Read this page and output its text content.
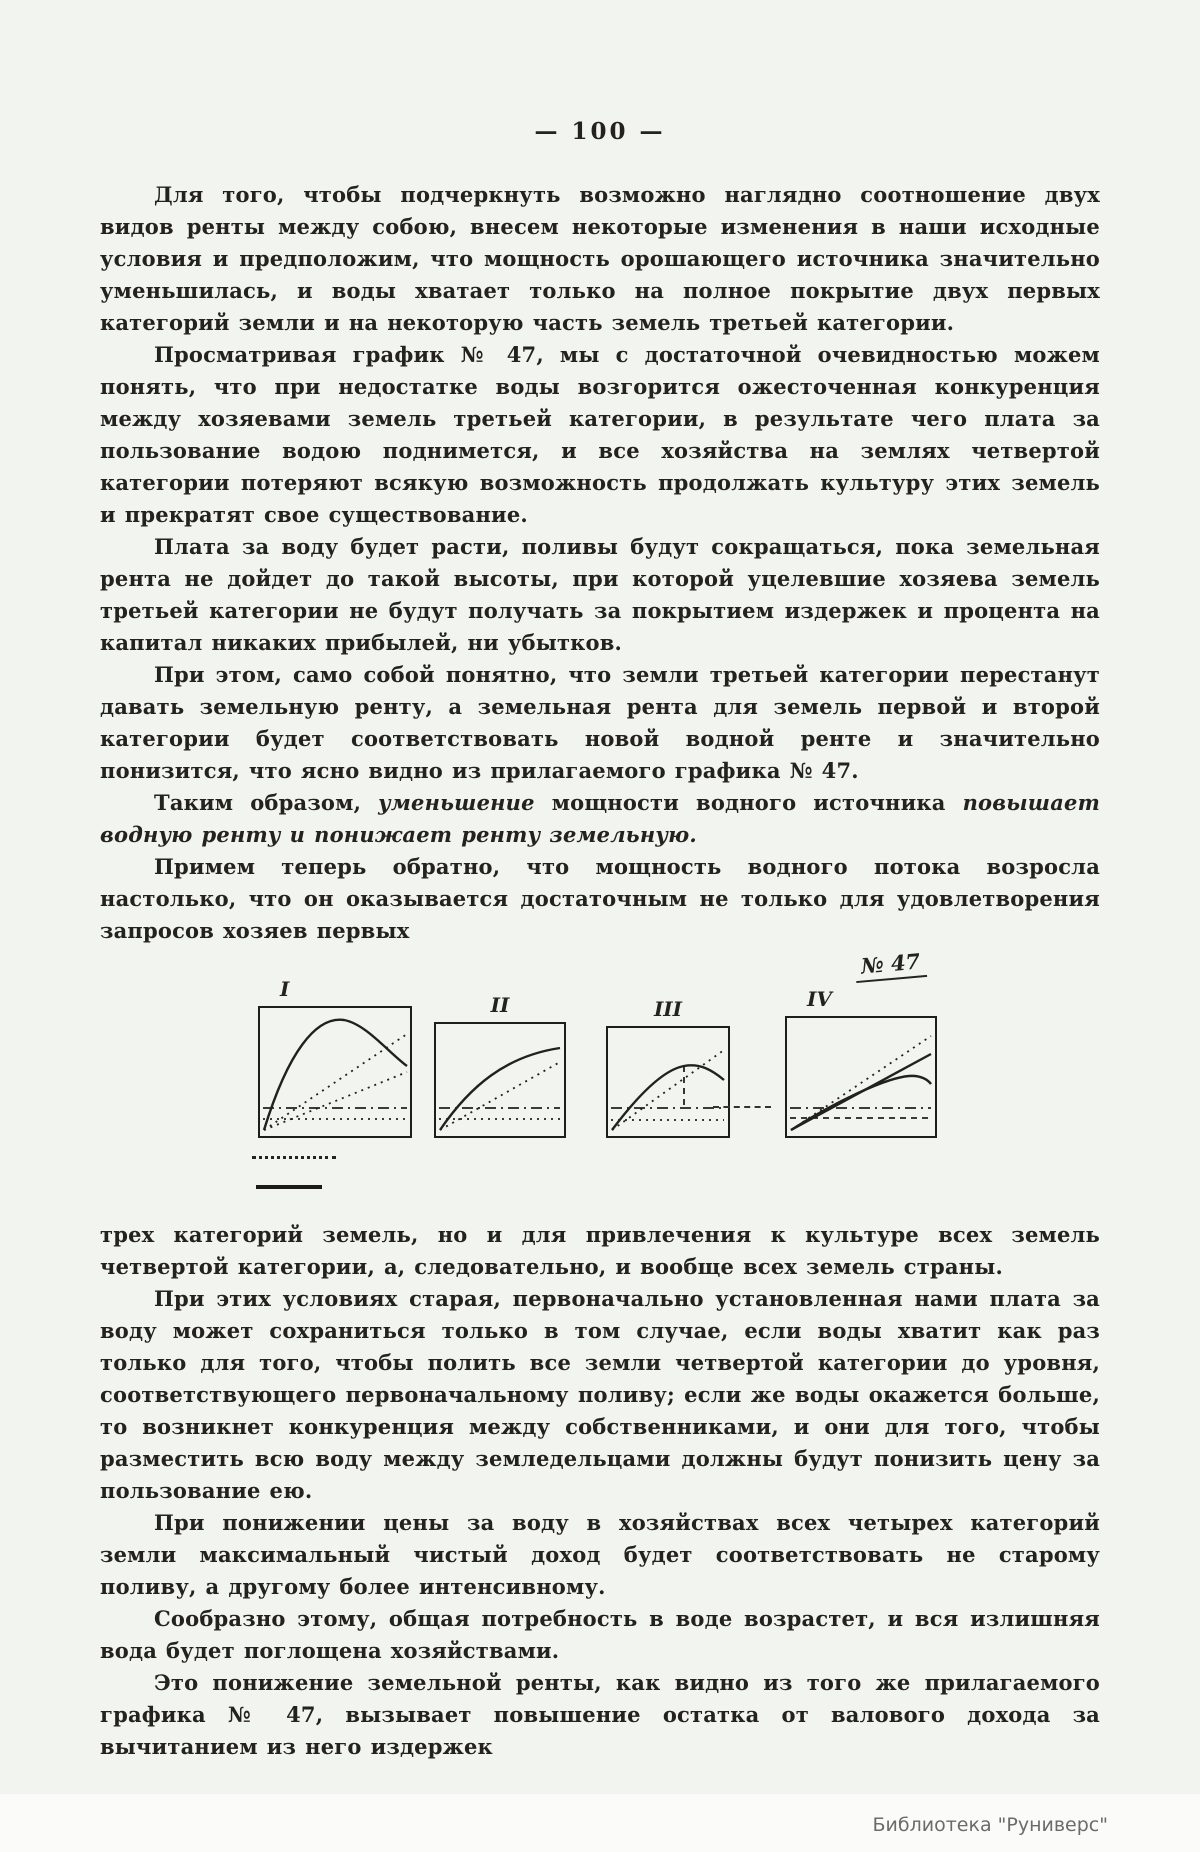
— 100 —

Для того, чтобы подчеркнуть возможно наглядно соотношение двух видов ренты между собою, внесем некоторые изменения в наши исходные условия и предположим, что мощность орошающего источника значительно уменьшилась, и воды хватает только на полное покрытие двух первых категорий земли и на некоторую часть земель третьей категории.

Просматривая график № 47, мы с достаточной очевидностью можем понять, что при недостатке воды возгорится ожесточенная конкуренция между хозяевами земель третьей категории, в результате чего плата за пользование водою поднимется, и все хозяйства на землях четвертой категории потеряют всякую возможность продолжать культуру этих земель и прекратят свое существование.

Плата за воду будет расти, поливы будут сокращаться, пока земельная рента не дойдет до такой высоты, при которой уцелевшие хозяева земель третьей категории не будут получать за покрытием издержек и процента на капитал никаких прибылей, ни убытков.

При этом, само собой понятно, что земли третьей категории перестанут давать земельную ренту, а земельная рента для земель первой и второй категории будет соответствовать новой водной ренте и значительно понизится, что ясно видно из прилагаемого графика № 47.

Таким образом, уменьшение мощности водного источника повышает водную ренту и понижает ренту земельную.

Примем теперь обратно, что мощность водного потока возросла настолько, что он оказывается достаточным не только для удовлетворения запросов хозяев первых

I
II	III	IV
№ 47

трех категорий земель, но и для привлечения к культуре всех земель четвертой категории, а, следовательно, и вообще всех земель страны.

При этих условиях старая, первоначально установленная нами плата за воду может сохраниться только в том случае, если воды хватит как раз только для того, чтобы полить все земли четвертой категории до уровня, соответствующего первоначальному поливу; если же воды окажется больше, то возникнет конкуренция между собственниками, и они для того, чтобы разместить всю воду между земледельцами должны будут понизить цену за пользование ею.

При понижении цены за воду в хозяйствах всех четырех категорий земли максимальный чистый доход будет соответствовать не старому поливу, а другому более интенсивному.

Сообразно этому, общая потребность в воде возрастет, и вся излишняя вода будет поглощена хозяйствами.

Это понижение земельной ренты, как видно из того же прилагаемого графика № 47, вызывает повышение остатка от валового дохода за вычитанием из него издержек

Библиотека "Руниверс"
